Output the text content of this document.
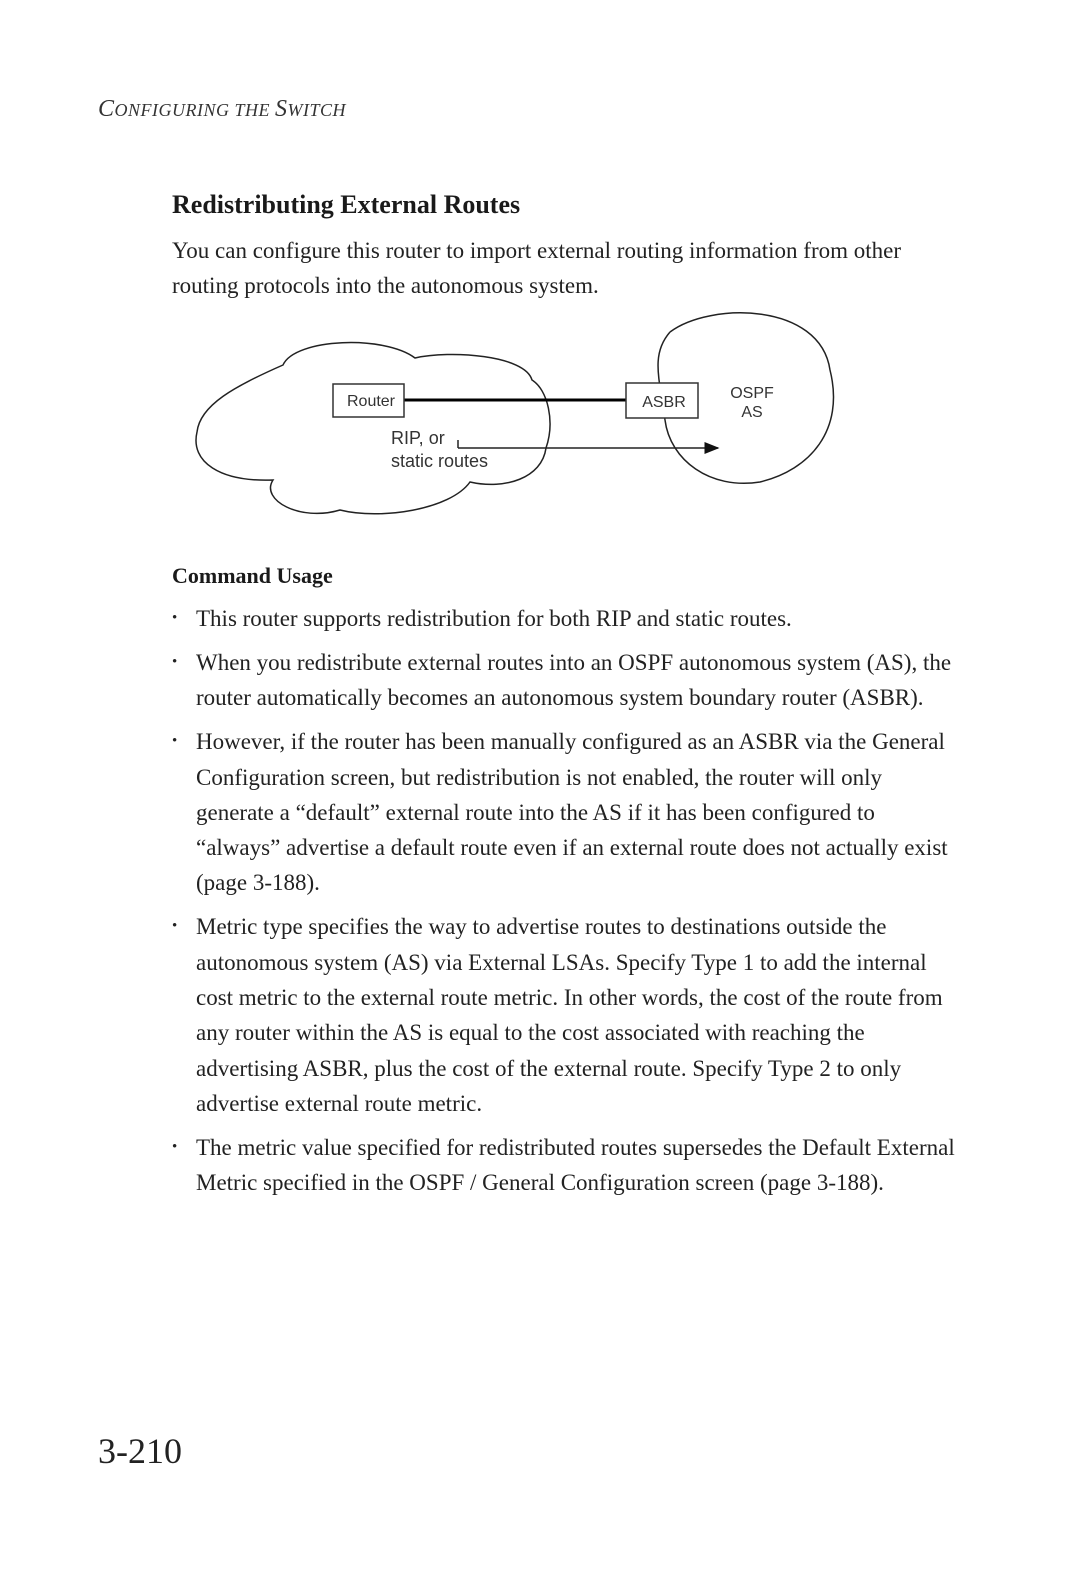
CONFIGURING THE SWITCH
Redistributing External Routes

You can configure this router to import external routing information from other routing protocols into the autonomous system.

Router	ASBR
OSPF
AS
RIP, or
static routes
Command Usage
• This router supports redistribution for both RIP and static routes.
• When you redistribute external routes into an OSPF autonomous system (AS), the router automatically becomes an autonomous system boundary router (ASBR).
• However, if the router has been manually configured as an ASBR via the General Configuration screen, but redistribution is not enabled, the router will only generate a “default” external route into the AS if it has been configured to “always” advertise a default route even if an external route does not actually exist (page 3-188).
• Metric type specifies the way to advertise routes to destinations outside the autonomous system (AS) via External LSAs. Specify Type 1 to add the internal cost metric to the external route metric. In other words, the cost of the route from any router within the AS is equal to the cost associated with reaching the advertising ASBR, plus the cost of the external route. Specify Type 2 to only advertise external route metric.
• The metric value specified for redistributed routes supersedes the Default External Metric specified in the OSPF / General Configuration screen (page 3-188).
3-210
